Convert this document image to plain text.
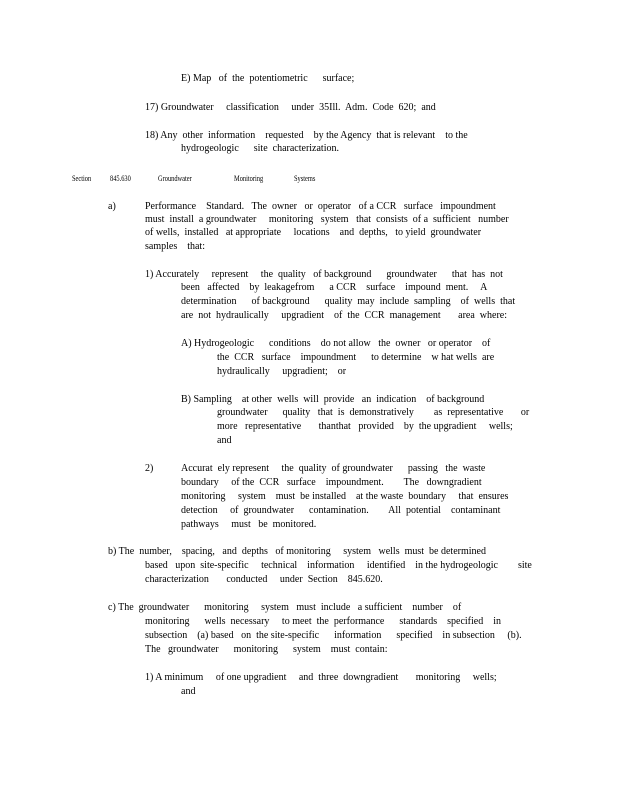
E) Map   of  the  potentiometric      surface;
17) Groundwater     classification     under  35Ill.  Adm.  Code  620;  and
18) Any  other  information    requested    by the Agency  that is relevant    to the
hydrogeologic      site  characterization.
Section 845.630	Groundwater	Monitoring	Systems
a)	Performance    Standard.   The  owner   or  operator   of a CCR   surface   impoundment
must  install  a groundwater     monitoring   system   that  consists  of a  sufficient   number
of wells,  installed   at appropriate     locations    and  depths,   to yield  groundwater
samples    that:
1) Accurately     represent     the  quality   of background      groundwater      that  has  not
been   affected    by  leakagefrom      a CCR    surface    impound  ment.     A
determination      of background      quality  may  include  sampling    of  wells  that
are  not  hydraulically     upgradient    of  the  CCR  management       area  where:
A) Hydrogeologic      conditions    do not allow   the  owner   or operator    of
the  CCR   surface    impoundment      to determine    w hat wells  are
hydraulically     upgradient;    or
B) Sampling    at other  wells  will  provide   an  indication    of background
groundwater      quality   that  is  demonstratively        as  representative       or
more   representative       thanthat   provided    by  the upgradient     wells;
and
2)	Accurat  ely represent     the  quality  of groundwater      passing   the  waste
boundary     of the  CCR   surface    impoundment.        The   downgradient
monitoring     system    must  be installed    at the waste  boundary     that  ensures
detection     of  groundwater      contamination.        All  potential    contaminant
pathways     must   be  monitored.
b) The  number,    spacing,   and  depths   of monitoring     system   wells  must  be determined
based   upon  site-specific     technical    information     identified    in the hydrogeologic        site
characterization       conducted     under  Section    845.620.
c) The  groundwater      monitoring     system   must  include   a sufficient    number    of
monitoring      wells  necessary     to meet  the  performance      standards    specified    in
subsection    (a) based   on  the site-specific      information      specified    in subsection     (b).
The   groundwater      monitoring      system    must  contain:
1) A minimum     of one upgradient     and  three  downgradient       monitoring     wells;
and
